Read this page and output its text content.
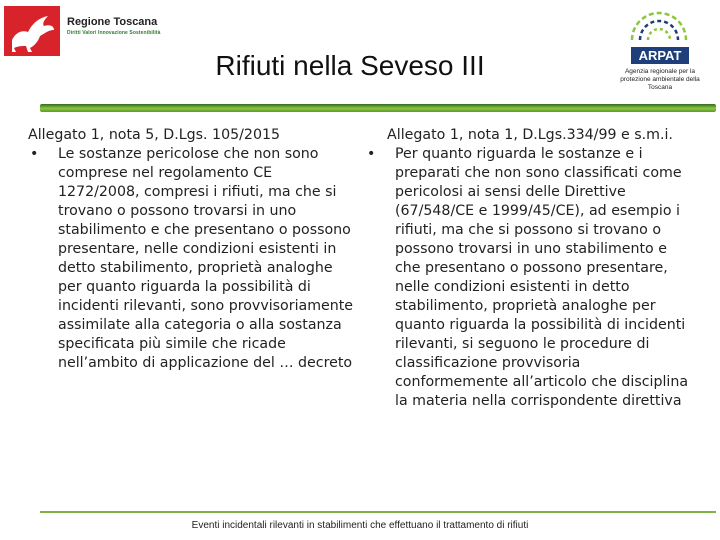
Regione Toscana
Diritti Valori Innovazione Sostenibilità
Rifiuti nella Seveso III	ARPAT
Agenzia regionale per la protezione ambientale della Toscana
Allegato 1, nota 5, D.Lgs. 105/2015
•	Le sostanze pericolose che non sono comprese nel regolamento CE 1272/2008, compresi i rifiuti, ma che si trovano o possono trovarsi in uno stabilimento e che presentano o possono presentare, nelle condizioni esistenti in detto stabilimento, proprietà analoghe per quanto riguarda la possibilità di incidenti rilevanti, sono provvisoriamente assimilate alla categoria o alla sostanza specificata più simile che ricade nell’ambito di applicazione del … decreto
Allegato 1, nota 1, D.Lgs.334/99 e s.m.i.
•	Per quanto riguarda le sostanze e i preparati che non sono classificati come pericolosi ai sensi delle Direttive (67/548/CE e 1999/45/CE), ad esempio i rifiuti, ma che si possono si trovano o possono trovarsi in uno stabilimento e che presentano o possono presentare, nelle condizioni esistenti in detto stabilimento, proprietà analoghe per quanto riguarda la possibilità di incidenti rilevanti, si seguono le procedure di classificazione provvisoria conformemente all’articolo che disciplina la materia nella corrispondente direttiva
Eventi incidentali rilevanti in stabilimenti che effettuano il trattamento di rifiuti
